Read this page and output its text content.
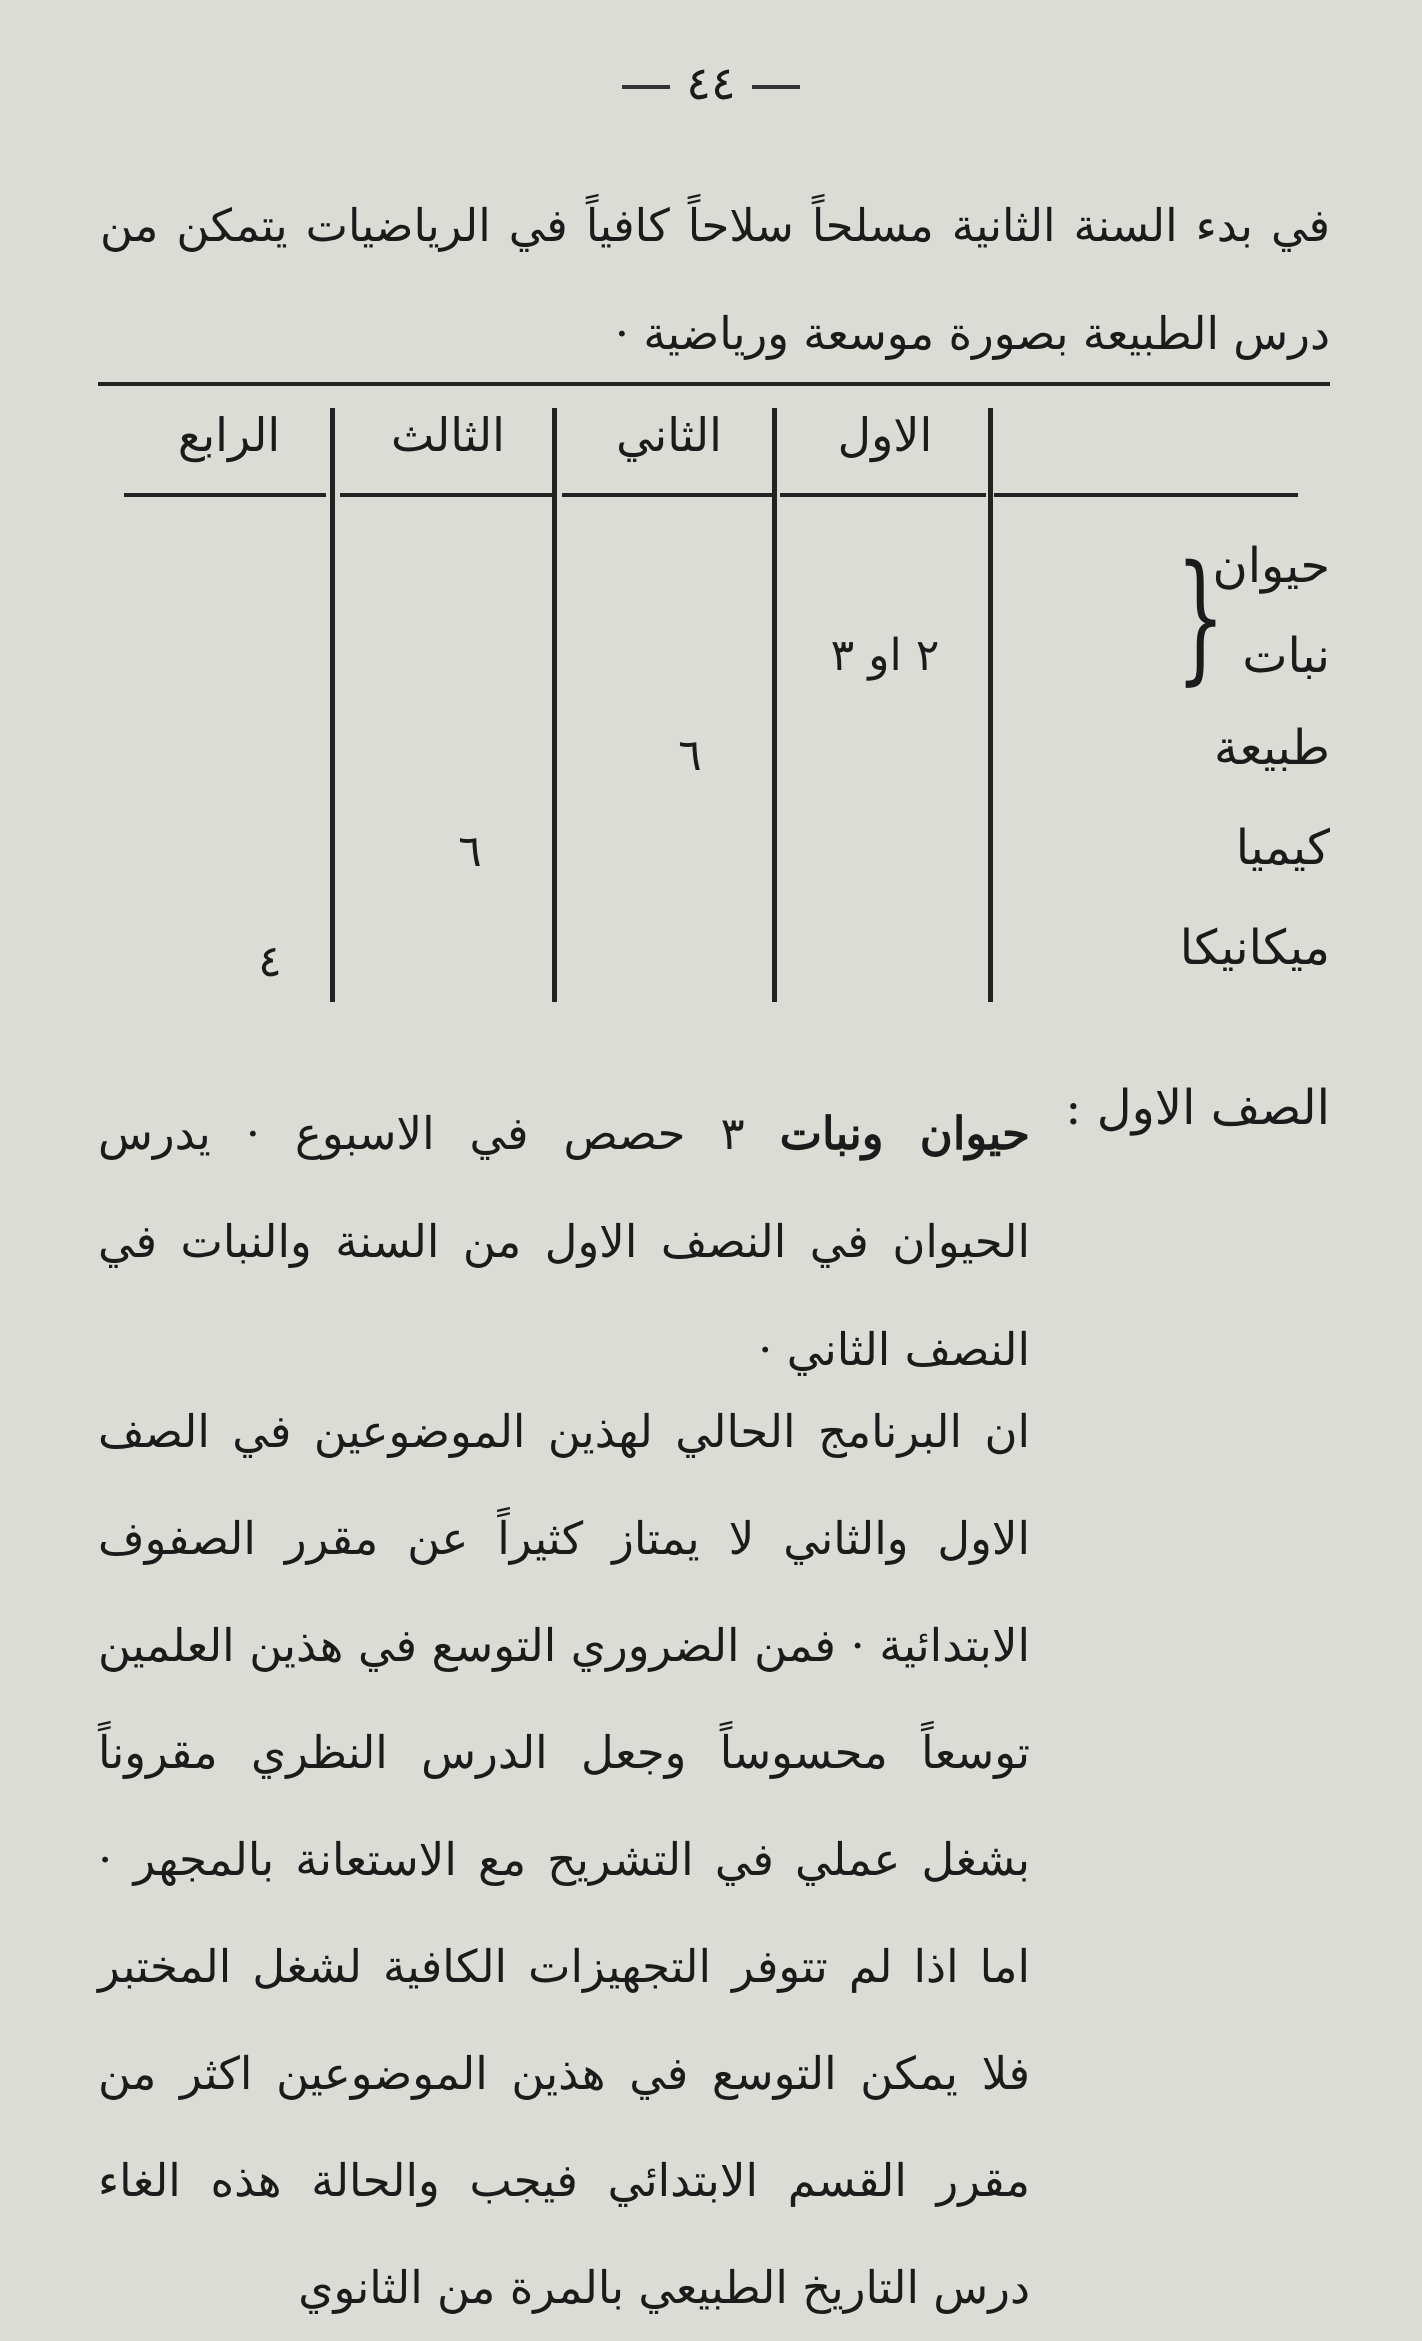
٤٤
في بدء السنة الثانية مسلحاً سلاحاً كافياً في الرياضيات يتمكن من درس الطبيعة بصورة موسعة ورياضية ·
الاول
الثاني
الثالث
الرابع
حيوان
نبات
طبيعة
كيميا
ميكانيكا
}
٢ او ٣
٦
٦
٤
الصف الاول :
حيوان ونبات ٣ حصص في الاسبوع · يدرس الحيوان في النصف الاول من السنة والنبات في النصف الثاني ·
ان البرنامج الحالي لهذين الموضوعين في الصف الاول والثاني لا يمتاز كثيراً عن مقرر الصفوف الابتدائية · فمن الضروري التوسع في هذين العلمين توسعاً محسوساً وجعل الدرس النظري مقروناً بشغل عملي في التشريح مع الاستعانة بالمجهر · اما اذا لم تتوفر التجهيزات الكافية لشغل المختبر فلا يمكن التوسع في هذين الموضوعين اكثر من مقرر القسم الابتدائي فيجب والحالة هذه الغاء درس التاريخ الطبيعي بالمرة من الثانوي
